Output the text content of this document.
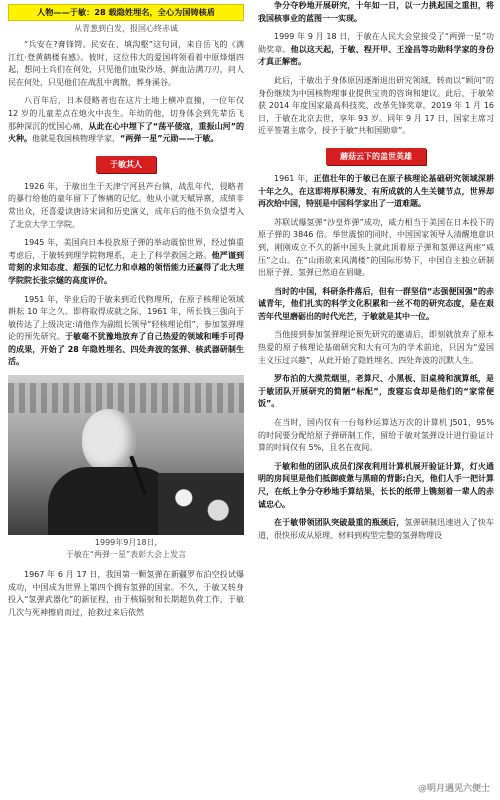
人物——于敏：28 载隐姓埋名，全心为国铸核盾
从青葱到白发，报国心终赤诚

“兵安在?膏锋锷。民安在、填沟壑”这句词，来自岳飞的《满江红·登黄鹤楼有感》。彼时，这位伟大的爱国将领看着中原烽烟四起，想问士兵们在何处，只见他们血染沙场，鲜血沾满刀刃，问人民在何处，只见他们在战乱中离散，葬身溪谷。

八百年后，日本侵略者也在这片土地上横冲直撞，一位年仅 12 岁的儿童差点在炮火中丧生。年幼的他，切身体会到先辈岳飞那种深沉的忧国心痛，从此在心中埋下了“荡平倭寇，重振山河”的火种。他就是我国核物理学家，“两弹一星”元勋——于敏。

于敏其人

1926 年，于敏出生于天津宁河县芦台镇，战乱年代，侵略者的暴行给他的童年留下了惨痛的记忆。他从小就天赋异禀，成绩非常出众，还喜爱读唐诗宋词和历史演义，成年后的他不负众望考入了北京大学工学院。

1945 年，美国向日本投放原子弹的举动震惊世界，经过慎重考虑后，于敏转到理学院物理系，走上了科学救国之路。他严谨到苛刻的求知态度、超强的记忆力和卓越的领悟能力还赢得了北大理学院院长张宗燧的高度评价。

1951 年，毕业后的于敏来到近代物理所，在原子核理论领域耕耘 10 年之久。即将取得成就之际，1961 年，所长钱三强向于敏传达了上级决定:请他作为副组长领导“轻核理论组”，参加氢弹理论的预先研究。于敏毫不犹豫地放弃了自己热爱的领域和唾手可得的成果，开始了 28 年隐姓埋名、四处奔波的氢弹、核武器研制生活。

1999年9月18日,
于敏在“两弹一星”表彰大会上发言

1967 年 6 月 17 日，我国第一颗氢弹在新疆罗布泊空投试爆成功，中国成为世界上第四个拥有氢弹的国家。不久，于敏又转身投入“氢弹武器化”的新征程，由于核辐射和长期超负荷工作，于敏几次与死神擦肩而过，抢救过来后依然

争分夺秒地开展研究，十年如一日，以一力挑起国之重担，将我国核事业的蓝图一一实现。

1999 年 9 月 18 日，于敏在人民大会堂接受了“两弹一星”功勋奖章。他以这天起，于敏、程开甲、王淦昌等功勋科学家的身份才真正解密。

此后，于敏出于身体原因逐渐退出研究领域，转而以“顾问”的身份继续为中国核物理事业提供宝贵的咨询和建议。此后，于敏荣获 2014 年度国家最高科技奖、改革先锋奖章。2019 年 1 月 16 日，于敏在北京去世，享年 93 岁。同年 9 月 17 日，国家主席习近平签署主席令，授予于敏“共和国勋章”。

蘑菇云下的盖世英雄

1961 年，正值壮年的于敏已在原子核理论基础研究领域深耕十年之久，在这即将厚积薄发、有所成就的人生关键节点，世界却再次给中国，特别是中国科学家出了一道难题。

苏联试爆氢弹“沙皇炸弹”成功，威力相当于美国在日本投下的原子弹的 3846 倍。举世震惊的同时，中国国家领导人清醒地意识到，刚刚成立不久的新中国头上就此顶着原子弹和氢弹这两座“威压”之山。在“山雨欲来风满楼”的国际形势下，中国自主独立研制出原子弹、氢弹已然迫在眉睫。

当时的中国，科研条件落后，但有一群坚信“志强便国强”的赤诚青年，他们扎实的科学文化积累和一丝不苟的研究态度，是在艰苦年代里磨砺出的时代光芒，于敏就是其中一位。

当他接到参加氢弹理论预先研究的邀请后，即刻就放弃了原本热爱的原子核理论基础研究和大有可为的学术前途，只因为“爱国主义压过兴趣”，从此开始了隐姓埋名、四处奔波的沉默人生。

罗布泊的大漠荒烟里，老算尺、小黑板、旧桌椅和演算纸，是于敏团队开展研究的简陋“标配”，废寝忘食却是他们的“家常便饭”。

在当时，国内仅有一台每秒运算达万次的计算机 J501，95%的时间要分配给原子弹研制工作，留给于敏对氢弹设计进行验证计算的时间仅有 5%，且名在夜间。

于敏和他的团队成员们深夜利用计算机展开验证计算，灯火通明的房间里是他们抵御疲惫与黑暗的背影;白天，他们人手一把计算尺，在纸上争分夺秒地手算结果，长长的纸带上镌刻着一辈人的赤诚忠心。

在于敏带领团队突破最重的瓶颈后，氢弹研制迅速进入了快车道，很快形成从原理、材料到构型完整的氢弹物理设

@明月遇见六便士
